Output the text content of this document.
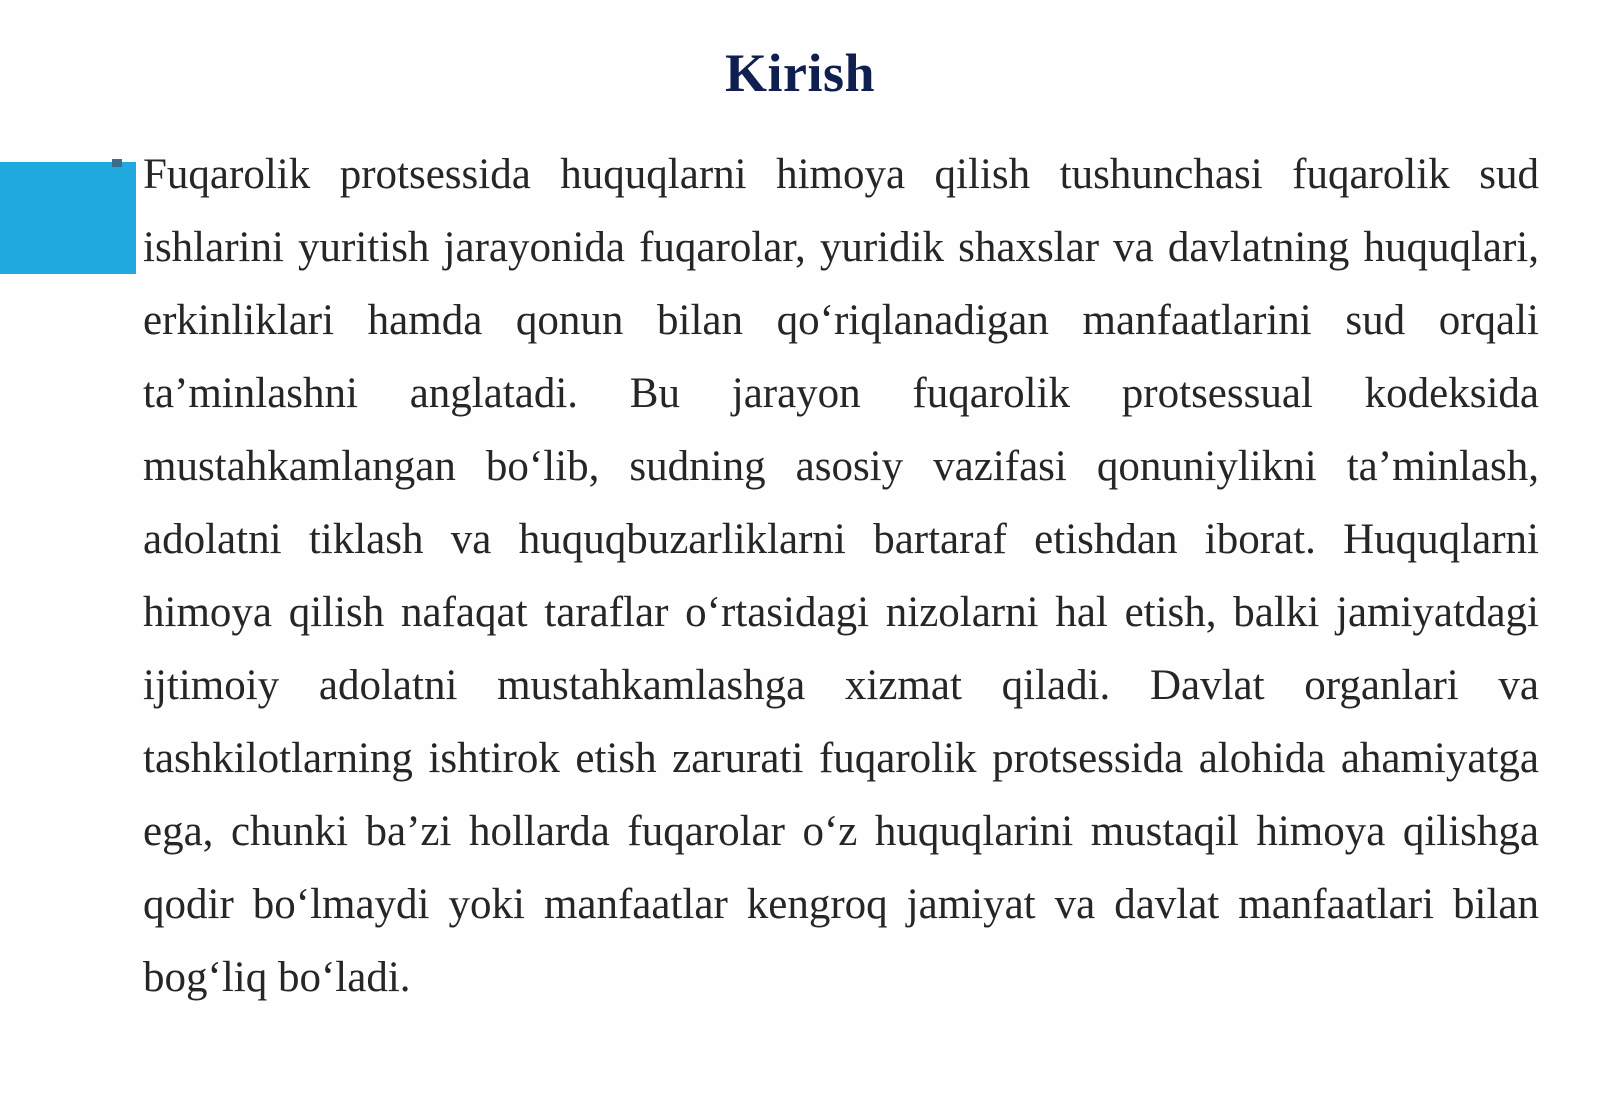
Kirish

Fuqarolik protsessida huquqlarni himoya qilish tushunchasi fuqarolik sud ishlarini yuritish jarayonida fuqarolar, yuridik shaxslar va davlatning huquqlari, erkinliklari hamda qonun bilan qo‘riqlanadigan manfaatlarini sud orqali ta’minlashni anglatadi. Bu jarayon fuqarolik protsessual kodeksida mustahkamlangan bo‘lib, sudning asosiy vazifasi qonuniylikni ta’minlash, adolatni tiklash va huquqbuzarliklarni bartaraf etishdan iborat. Huquqlarni himoya qilish nafaqat taraflar o‘rtasidagi nizolarni hal etish, balki jamiyatdagi ijtimoiy adolatni mustahkamlashga xizmat qiladi. Davlat organlari va tashkilotlarning ishtirok etish zarurati fuqarolik protsessida alohida ahamiyatga ega, chunki ba’zi hollarda fuqarolar o‘z huquqlarini mustaqil himoya qilishga qodir bo‘lmaydi yoki manfaatlar kengroq jamiyat va davlat manfaatlari bilan bog‘liq bo‘ladi.
